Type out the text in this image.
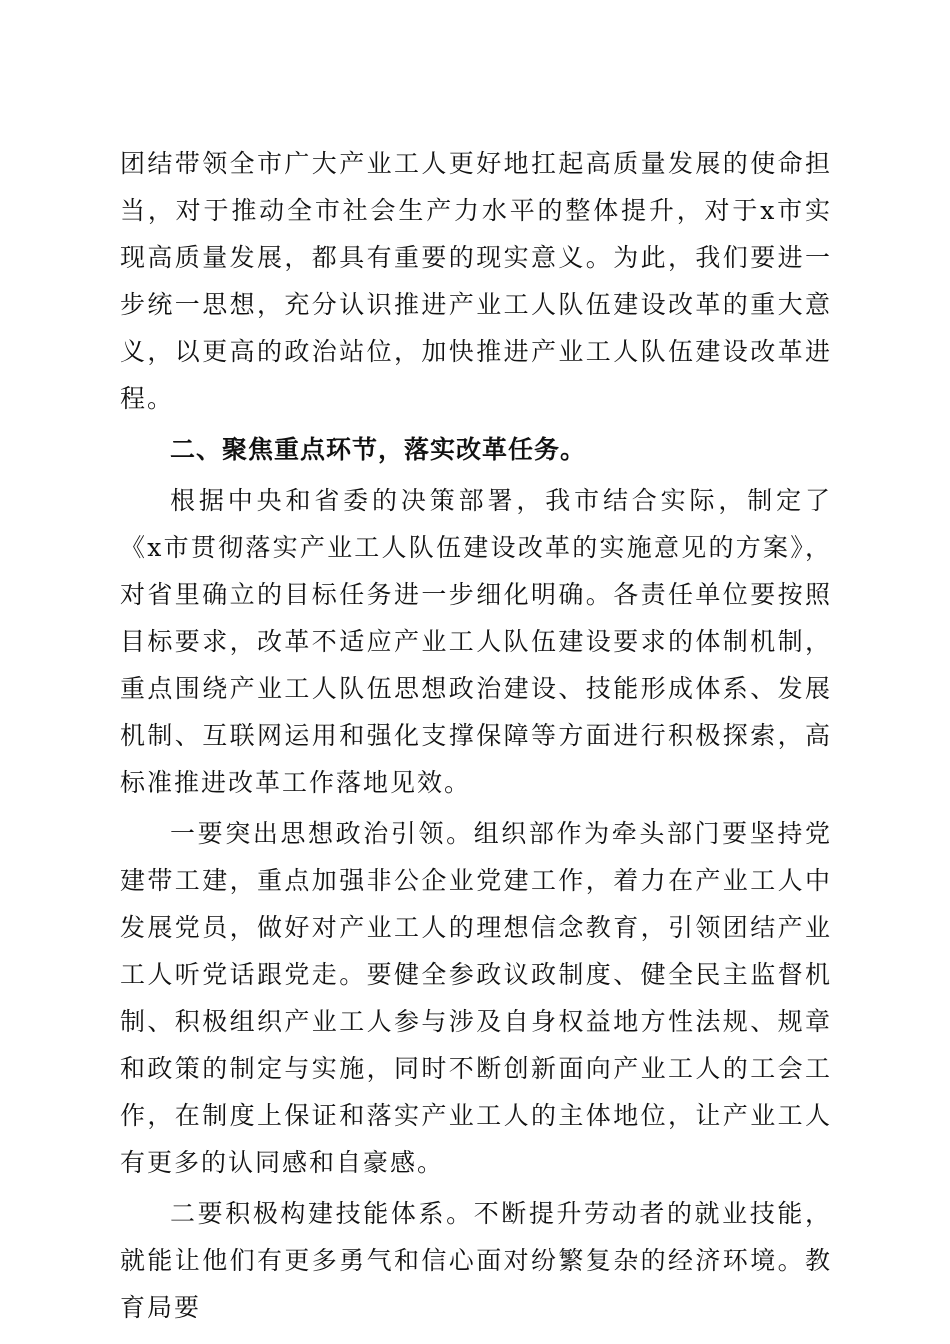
团结带领全市广大产业工人更好地扛起高质量发展的使命担当，对于推动全市社会生产力水平的整体提升，对于x市实现高质量发展，都具有重要的现实意义。为此，我们要进一步统一思想，充分认识推进产业工人队伍建设改革的重大意义，以更高的政治站位，加快推进产业工人队伍建设改革进程。

二、聚焦重点环节，落实改革任务。

根据中央和省委的决策部署，我市结合实际，制定了《x市贯彻落实产业工人队伍建设改革的实施意见的方案》，对省里确立的目标任务进一步细化明确。各责任单位要按照目标要求，改革不适应产业工人队伍建设要求的体制机制，重点围绕产业工人队伍思想政治建设、技能形成体系、发展机制、互联网运用和强化支撑保障等方面进行积极探索，高标准推进改革工作落地见效。

一要突出思想政治引领。组织部作为牵头部门要坚持党建带工建，重点加强非公企业党建工作，着力在产业工人中发展党员，做好对产业工人的理想信念教育，引领团结产业工人听党话跟党走。要健全参政议政制度、健全民主监督机制、积极组织产业工人参与涉及自身权益地方性法规、规章和政策的制定与实施，同时不断创新面向产业工人的工会工作，在制度上保证和落实产业工人的主体地位，让产业工人有更多的认同感和自豪感。

二要积极构建技能体系。不断提升劳动者的就业技能，就能让他们有更多勇气和信心面对纷繁复杂的经济环境。教育局要
